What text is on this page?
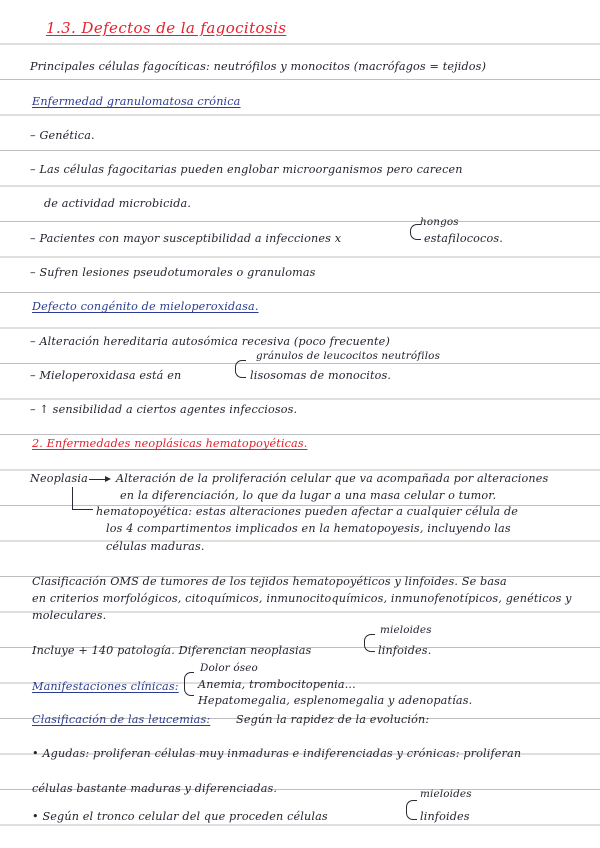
1.3. Defectos de la fagocitosis
Principales células fagocíticas: neutrófilos y monocitos (macrófagos = tejidos)
Enfermedad granulomatosa crónica
– Genética.
– Las células fagocitarias pueden englobar microorganismos pero carecen
de actividad microbicida.
– Pacientes con mayor susceptibilidad a infecciones x
hongos
estafilococos.
– Sufren lesiones pseudotumorales o granulomas
Defecto congénito de mieloperoxidasa.
– Alteración hereditaria autosómica recesiva (poco frecuente)
– Mieloperoxidasa está en
gránulos de leucocitos neutrófilos
lisosomas de monocitos.
– ↑ sensibilidad a ciertos agentes infecciosos.
2. Enfermedades neoplásicas hematopoyéticas.
Neoplasia	Alteración de la proliferación celular que va acompañada por alteraciones
en la diferenciación, lo que da lugar a una masa celular o tumor.
hematopoyética: estas alteraciones pueden afectar a cualquier célula de
los 4 compartimentos implicados en la hematopoyesis, incluyendo las
células maduras.
Clasificación OMS de tumores de los tejidos hematopoyéticos y linfoides. Se basa
en criterios morfológicos, citoquímicos, inmunocitoquímicos, inmunofenotípicos, genéticos y
moleculares.
Incluye + 140 patología. Diferencian neoplasias
mieloides
linfoides.
Manifestaciones clínicas:
Dolor óseo
Anemia, trombocitopenia...
Hepatomegalia, esplenomegalia y adenopatías.
Clasificación de las leucemias: Según la rapidez de la evolución:
• Agudas: proliferan células muy inmaduras e indiferenciadas y crónicas: proliferan
células bastante maduras y diferenciadas.
• Según el tronco celular del que proceden células
mieloides
linfoides
